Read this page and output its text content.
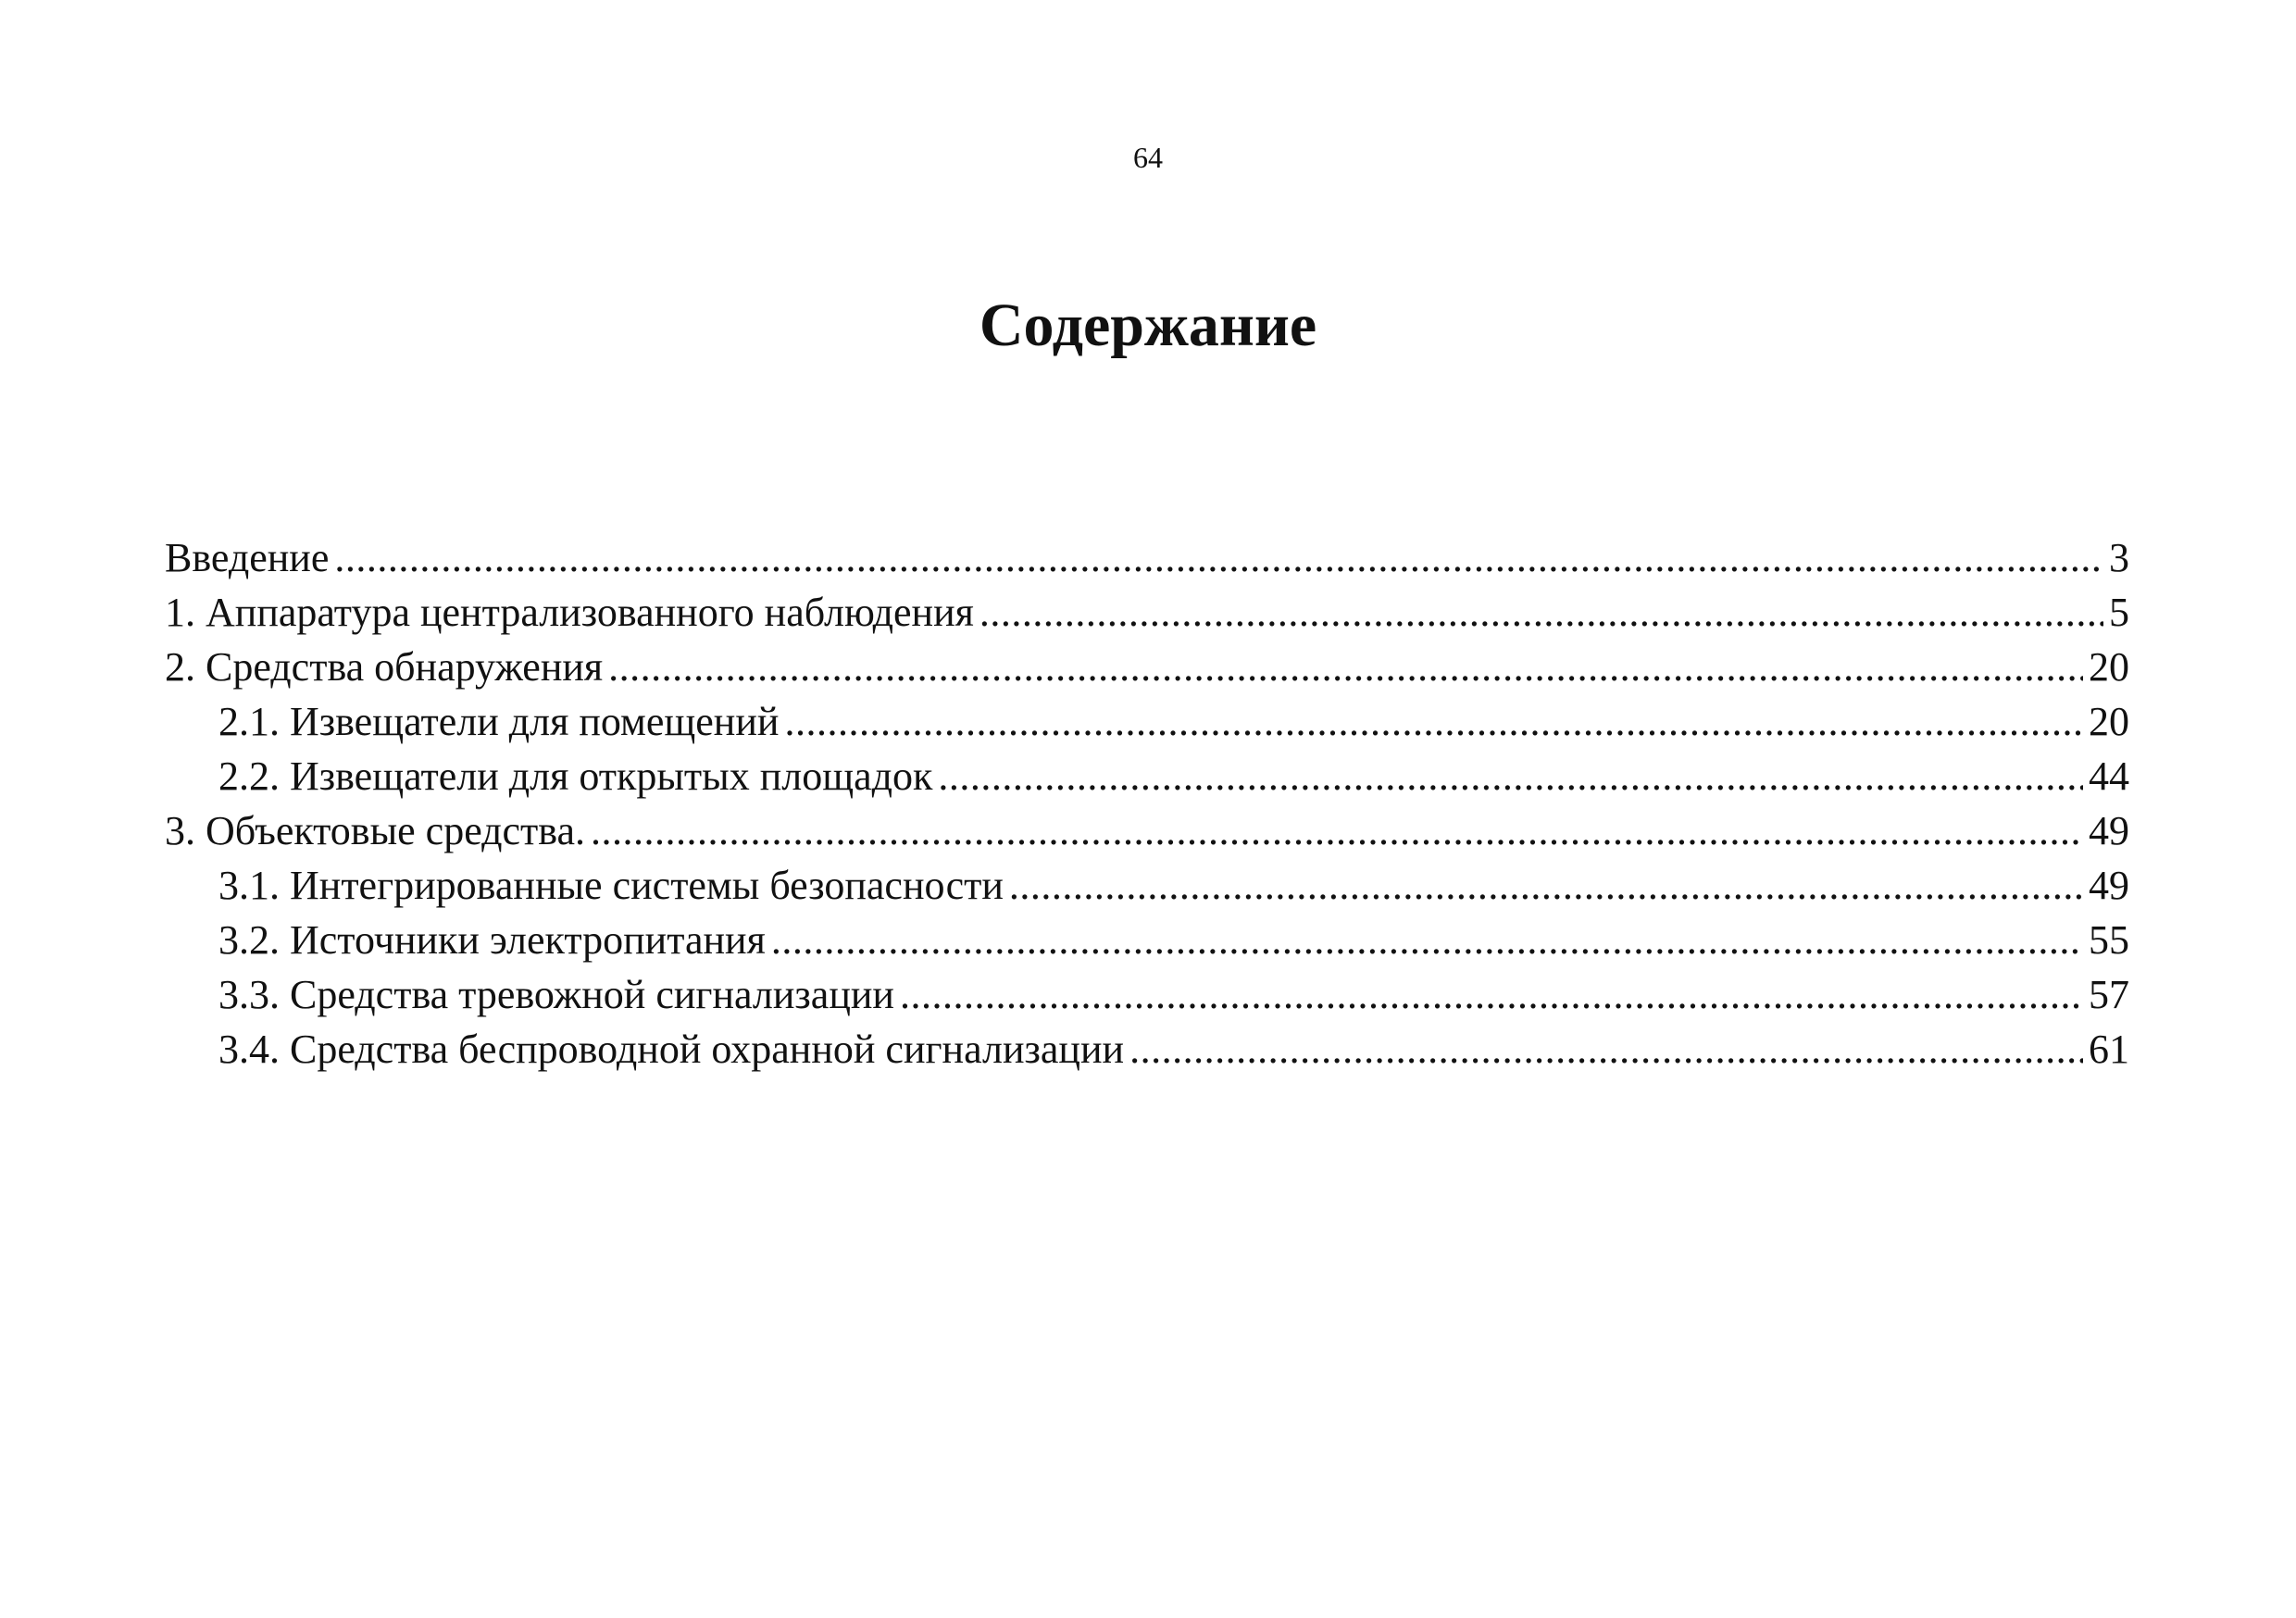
64
Содержание
Введение .....	3
1. Аппаратура централизованного наблюдения .....	5
2. Средства обнаружения .....	20
2.1. Извещатели для помещений .....	20
2.2. Извещатели для открытых площадок .....	44
3. Объектовые средства. .....	49
3.1. Интегрированные системы безопасности .....	49
3.2. Источники электропитания .....	55
3.3. Средства тревожной сигнализации .....	57
3.4. Средства беспроводной охранной сигнализации .....	61
